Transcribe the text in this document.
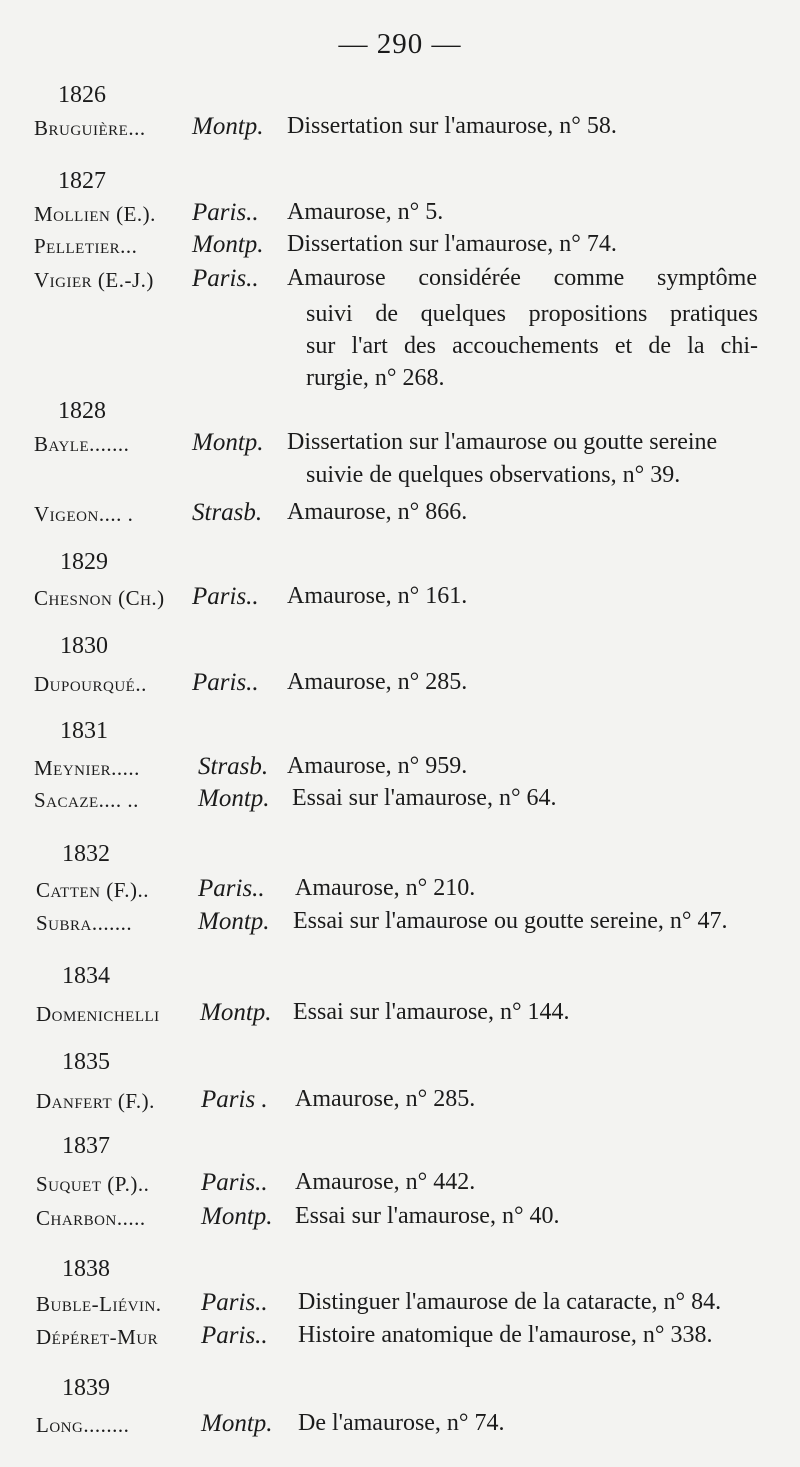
— 290 —
1826
Bruguière... Montp. Dissertation sur l'amaurose, n° 58.
1827
Mollien (E.). Paris.. Amaurose, n° 5.
Pelletier... Montp. Dissertation sur l'amaurose, n° 74.
Vigier (E.-J.) Paris.. Amaurose considérée comme symptôme
suivi de quelques propositions pratiques
sur l'art des accouchements et de la chi-
rurgie, n° 268.
1828
Bayle.......	Montp. Dissertation sur l'amaurose ou goutte sereine
suivie de quelques observations, n° 39.
Vigeon.... . Strasb. Amaurose, n° 866.
1829
Chesnon (Ch.) Paris.. Amaurose, n° 161.
1830
Dupourqué.. Paris.. Amaurose, n° 285.
1831
Meynier..... Strasb. Amaurose, n° 959.
Sacaze.... .. Montp. Essai sur l'amaurose, n° 64.
1832
Catten (F.).. Paris.. Amaurose, n° 210.
Subra.......	Montp. Essai sur l'amaurose ou goutte sereine, n° 47.
1834
Domenichelli Montp. Essai sur l'amaurose, n° 144.
1835
Danfert (F.). Paris . Amaurose, n° 285.
1837
Suquet (P.).. Paris.. Amaurose, n° 442.
Charbon..... Montp. Essai sur l'amaurose, n° 40.
1838
Buble-Liévin. Paris.. Distinguer l'amaurose de la cataracte, n° 84.
Dépéret-Mur Paris.. Histoire anatomique de l'amaurose, n° 338.
1839
Long........	Montp. De l'amaurose, n° 74.
